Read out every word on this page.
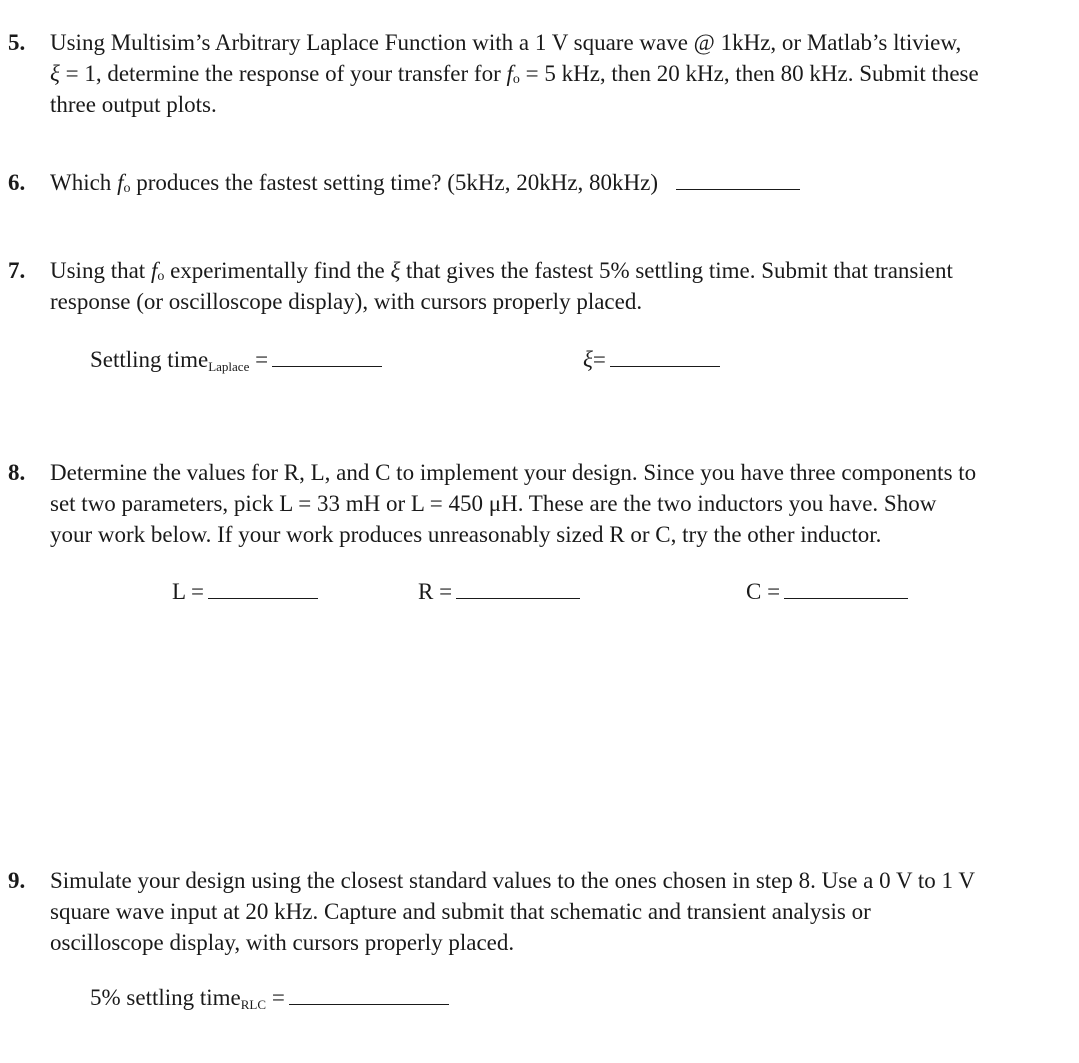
5. Using Multisim’s Arbitrary Laplace Function with a 1 V square wave @ 1kHz, or Matlab’s ltiview,
ξ = 1, determine the response of your transfer for fo = 5 kHz, then 20 kHz, then 80 kHz. Submit these
three output plots.
6. Which fo produces the fastest setting time? (5kHz, 20kHz, 80kHz)
7. Using that fo experimentally find the ξ that gives the fastest 5% settling time. Submit that transient
response (or oscilloscope display), with cursors properly placed.
Settling timeLaplace =	ξ=
8. Determine the values for R, L, and C to implement your design. Since you have three components to
set two parameters, pick L = 33 mH or L = 450 μH. These are the two inductors you have. Show
your work below. If your work produces unreasonably sized R or C, try the other inductor.
L =	R =	C =
9. Simulate your design using the closest standard values to the ones chosen in step 8. Use a 0 V to 1 V
square wave input at 20 kHz. Capture and submit that schematic and transient analysis or
oscilloscope display, with cursors properly placed.
5% settling timeRLC =
